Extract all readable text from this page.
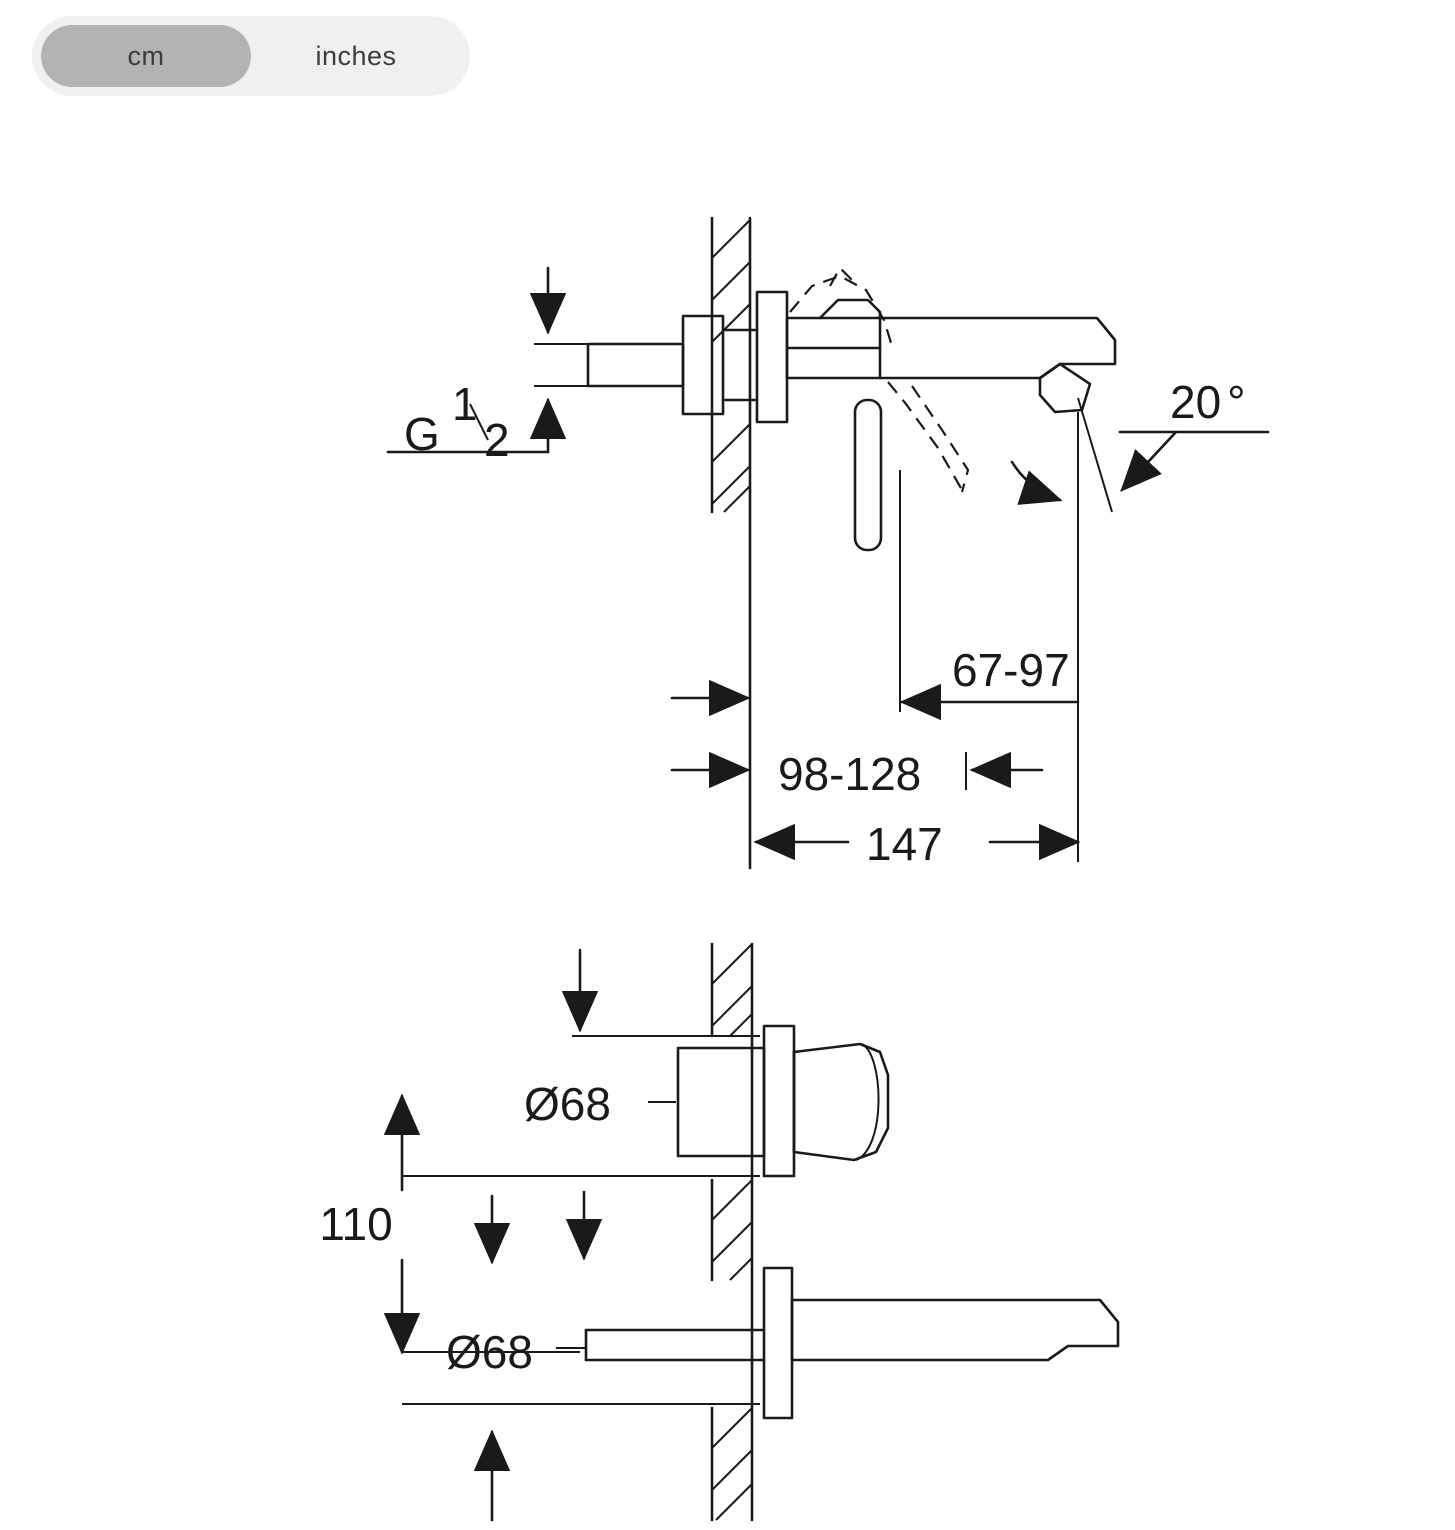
cm	inches
G
1
2
20 °
67-97
98-128
147
Ø68
110
Ø68
